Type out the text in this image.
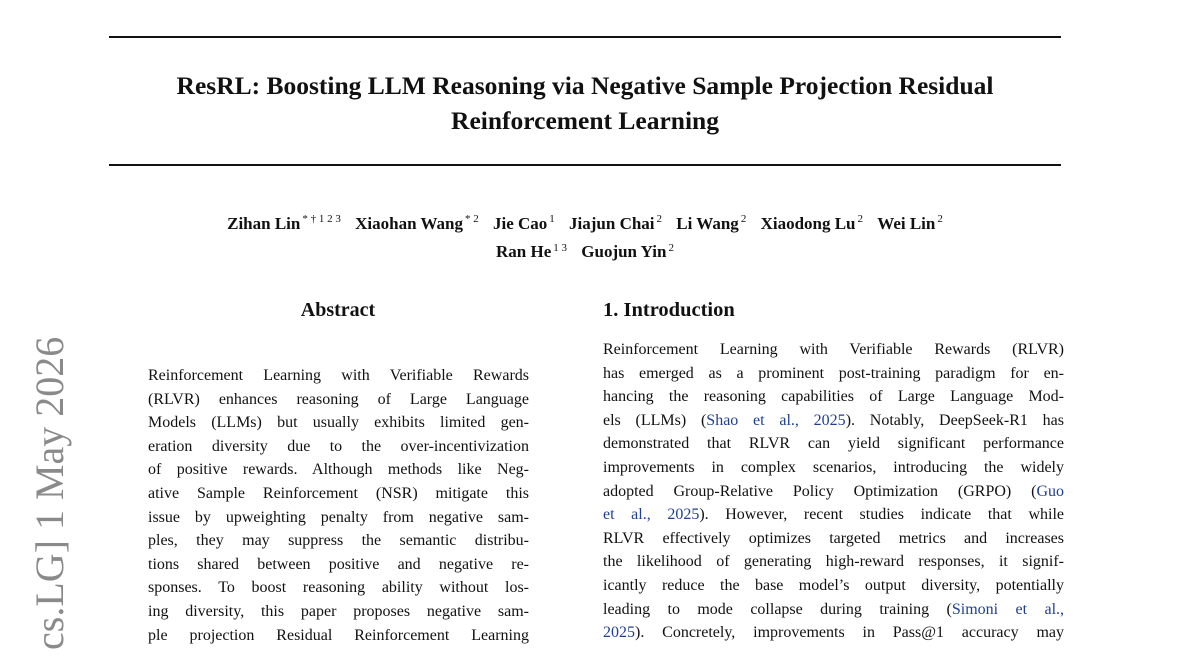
ResRL: Boosting LLM Reasoning via Negative Sample Projection Residual
Reinforcement Learning
Zihan Lin $^{* \dagger 1 2 3}$ Xiaohan Wang $^{* 2}$ Jie Cao $^1$ Jiajun Chai $^2$ Li Wang $^2$ Xiaodong Lu $^2$ Wei Lin $^2$
Ran He $^{1 3}$ Guojun Yin $^2$
cs.LG] 1 May 2026
Abstract
Reinforcement Learning with Verifiable Rewards
(RLVR) enhances reasoning of Large Language
Models (LLMs) but usually exhibits limited gen-
eration diversity due to the over-incentivization
of positive rewards. Although methods like Neg-
ative Sample Reinforcement (NSR) mitigate this
issue by upweighting penalty from negative sam-
ples, they may suppress the semantic distribu-
tions shared between positive and negative re-
sponses. To boost reasoning ability without los-
ing diversity, this paper proposes negative sam-
ple projection Residual Reinforcement Learning
1. Introduction
Reinforcement Learning with Verifiable Rewards (RLVR)
has emerged as a prominent post-training paradigm for en-
hancing the reasoning capabilities of Large Language Mod-
els (LLMs) (Shao et al., 2025). Notably, DeepSeek-R1 has
demonstrated that RLVR can yield significant performance
improvements in complex scenarios, introducing the widely
adopted Group-Relative Policy Optimization (GRPO) (Guo
et al., 2025). However, recent studies indicate that while
RLVR effectively optimizes targeted metrics and increases
the likelihood of generating high-reward responses, it signif-
icantly reduce the base model’s output diversity, potentially
leading to mode collapse during training (Simoni et al.,
2025). Concretely, improvements in Pass@1 accuracy may
